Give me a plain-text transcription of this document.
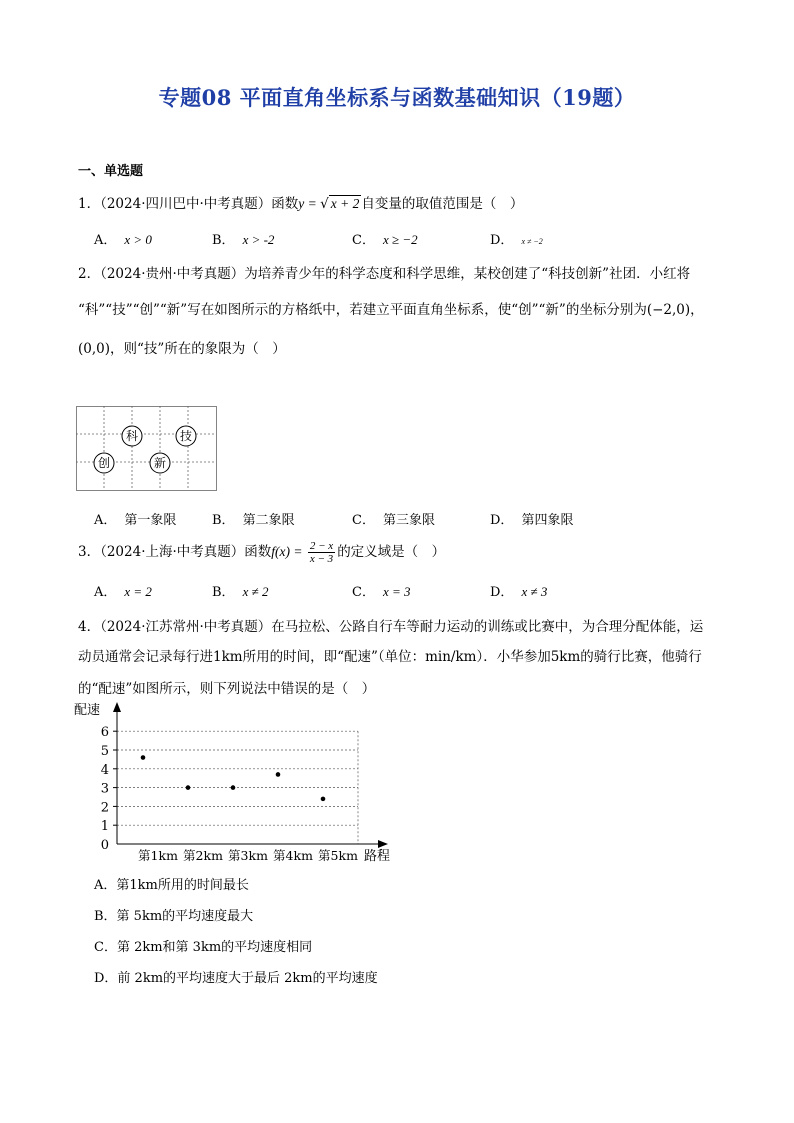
专题08 平面直角坐标系与函数基础知识（19题）
一、单选题
1．（2024·四川巴中·中考真题）函数y = √ x + 2 自变量的取值范围是（　）
A． x > 0	B． x > -2	C． x ≥ −2	D． x ≠ −2
2．（2024·贵州·中考真题）为培养青少年的科学态度和科学思维，某校创建了“科技创新”社团．小红将
“科”“技”“创”“新”写在如图所示的方格纸中，若建立平面直角坐标系，使“创”“新”的坐标分别为(−2,0)，
(0,0)，则“技”所在的象限为（　）
科	技
创	新
A． 第一象限	B． 第二象限	C． 第三象限	D． 第四象限
3．（2024·上海·中考真题）函数$f(x) = \frac{2 - x}{x - 3}$ 的定义域是（　）
A． x = 2	B． x ≠ 2	C． x = 3	D． x ≠ 3
4．（2024·江苏常州·中考真题）在马拉松、公路自行车等耐力运动的训练或比赛中，为合理分配体能，运
动员通常会记录每行进1km所用的时间，即“配速”（单位：min/km）．小华参加5km的骑行比赛，他骑行
的“配速”如图所示，则下列说法中错误的是（　）
配速
路程
0
1
2
3
4
5
6
第1km 第2km 第3km 第4km 第5km
A．第1km所用的时间最长
B．第 5km的平均速度最大
C．第 2km和第 3km的平均速度相同
D．前 2km的平均速度大于最后 2km的平均速度
